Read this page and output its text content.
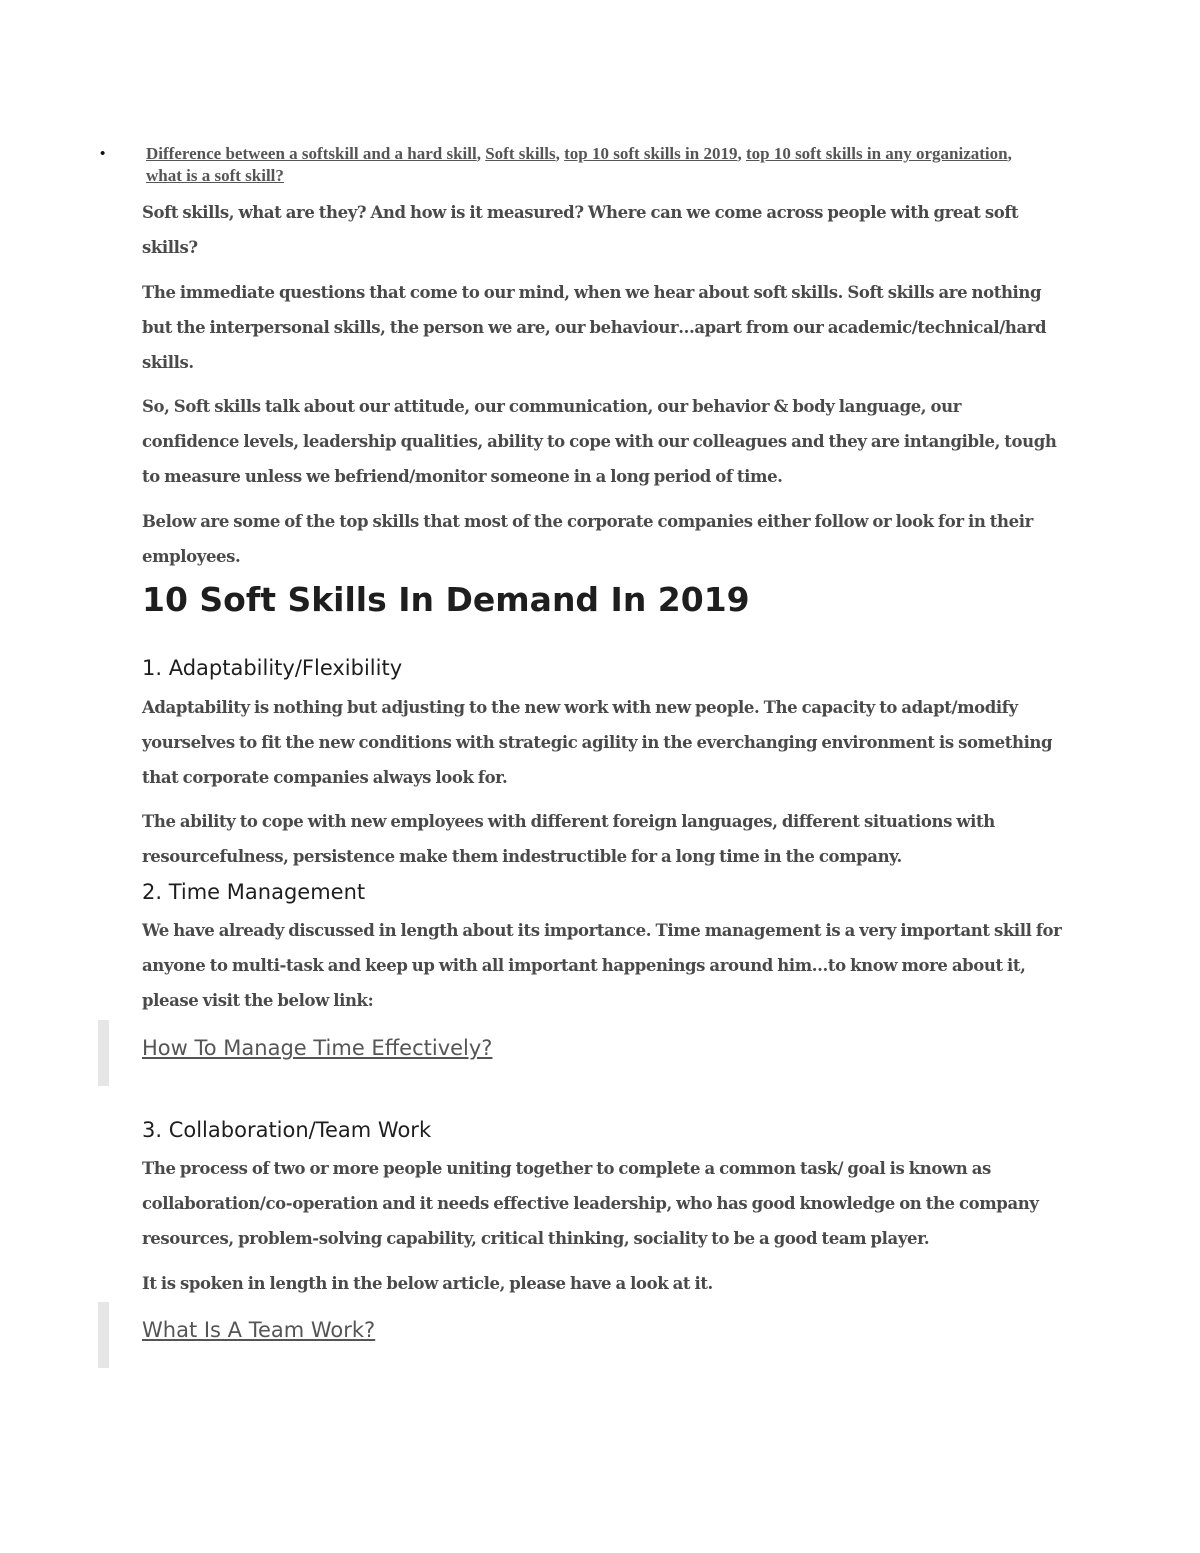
• Difference between a softskill and a hard skill, Soft skills, top 10 soft skills in 2019, top 10 soft skills in any organization, what is a soft skill?

Soft skills, what are they? And how is it measured? Where can we come across people with great soft skills?

The immediate questions that come to our mind, when we hear about soft skills. Soft skills are nothing but the interpersonal skills, the person we are, our behaviour…apart from our academic/technical/hard skills.

So, Soft skills talk about our attitude, our communication, our behavior & body language, our confidence levels, leadership qualities, ability to cope with our colleagues and they are intangible, tough to measure unless we befriend/monitor someone in a long period of time.

Below are some of the top skills that most of the corporate companies either follow or look for in their employees.

10 Soft Skills In Demand In 2019
1. Adaptability/Flexibility

Adaptability is nothing but adjusting to the new work with new people. The capacity to adapt/modify yourselves to fit the new conditions with strategic agility in the everchanging environment is something that corporate companies always look for.

The ability to cope with new employees with different foreign languages, different situations with resourcefulness, persistence make them indestructible for a long time in the company.

2. Time Management

We have already discussed in length about its importance. Time management is a very important skill for anyone to multi-task and keep up with all important happenings around him…to know more about it, please visit the below link:

How To Manage Time Effectively?
3. Collaboration/Team Work

The process of two or more people uniting together to complete a common task/ goal is known as collaboration/co-operation and it needs effective leadership, who has good knowledge on the company resources, problem-solving capability, critical thinking, sociality to be a good team player.

It is spoken in length in the below article, please have a look at it.

What Is A Team Work?
